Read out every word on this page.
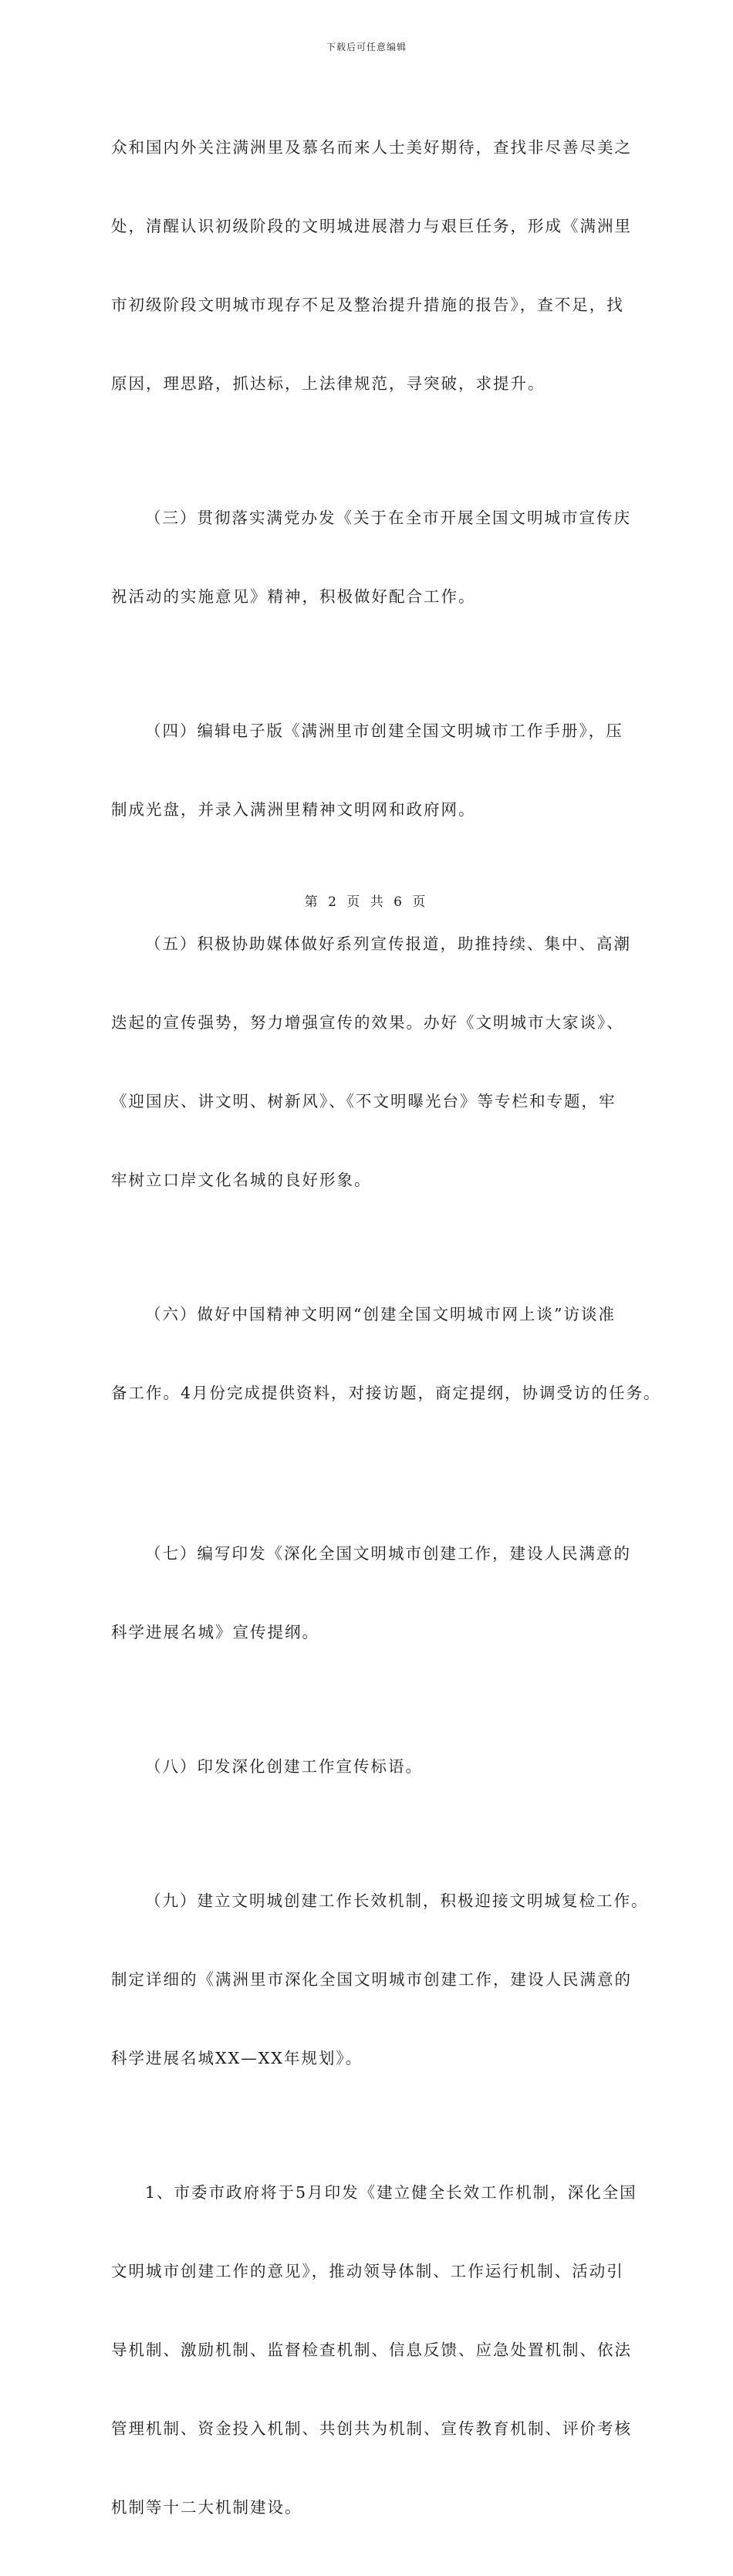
下载后可任意编辑

众和国内外关注满洲里及慕名而来人士美好期待，查找非尽善尽美之

处，清醒认识初级阶段的文明城进展潜力与艰巨任务，形成《满洲里

市初级阶段文明城市现存不足及整治提升措施的报告》，查不足，找

原因，理思路，抓达标，上法律规范，寻突破，求提升。

（三）贯彻落实满党办发《关于在全市开展全国文明城市宣传庆

祝活动的实施意见》精神，积极做好配合工作。

（四）编辑电子版《满洲里市创建全国文明城市工作手册》，压

制成光盘，并录入满洲里精神文明网和政府网。

（五）积极协助媒体做好系列宣传报道，助推持续、集中、高潮

迭起的宣传强势，努力增强宣传的效果。办好《文明城市大家谈》、

《迎国庆、讲文明、树新风》、《不文明曝光台》等专栏和专题，牢

牢树立口岸文化名城的良好形象。

（六）做好中国精神文明网“创建全国文明城市网上谈”访谈准

备工作。4月份完成提供资料，对接访题，商定提纲，协调受访的任务。

（七）编写印发《深化全国文明城市创建工作，建设人民满意的

科学进展名城》宣传提纲。

（八）印发深化创建工作宣传标语。

（九）建立文明城创建工作长效机制，积极迎接文明城复检工作。

制定详细的《满洲里市深化全国文明城市创建工作，建设人民满意的

科学进展名城XX—XX年规划》。

1、市委市政府将于5月印发《建立健全长效工作机制，深化全国

文明城市创建工作的意见》，推动领导体制、工作运行机制、活动引

导机制、激励机制、监督检查机制、信息反馈、应急处置机制、依法

管理机制、资金投入机制、共创共为机制、宣传教育机制、评价考核

机制等十二大机制建设。

第 2 页 共 6 页
